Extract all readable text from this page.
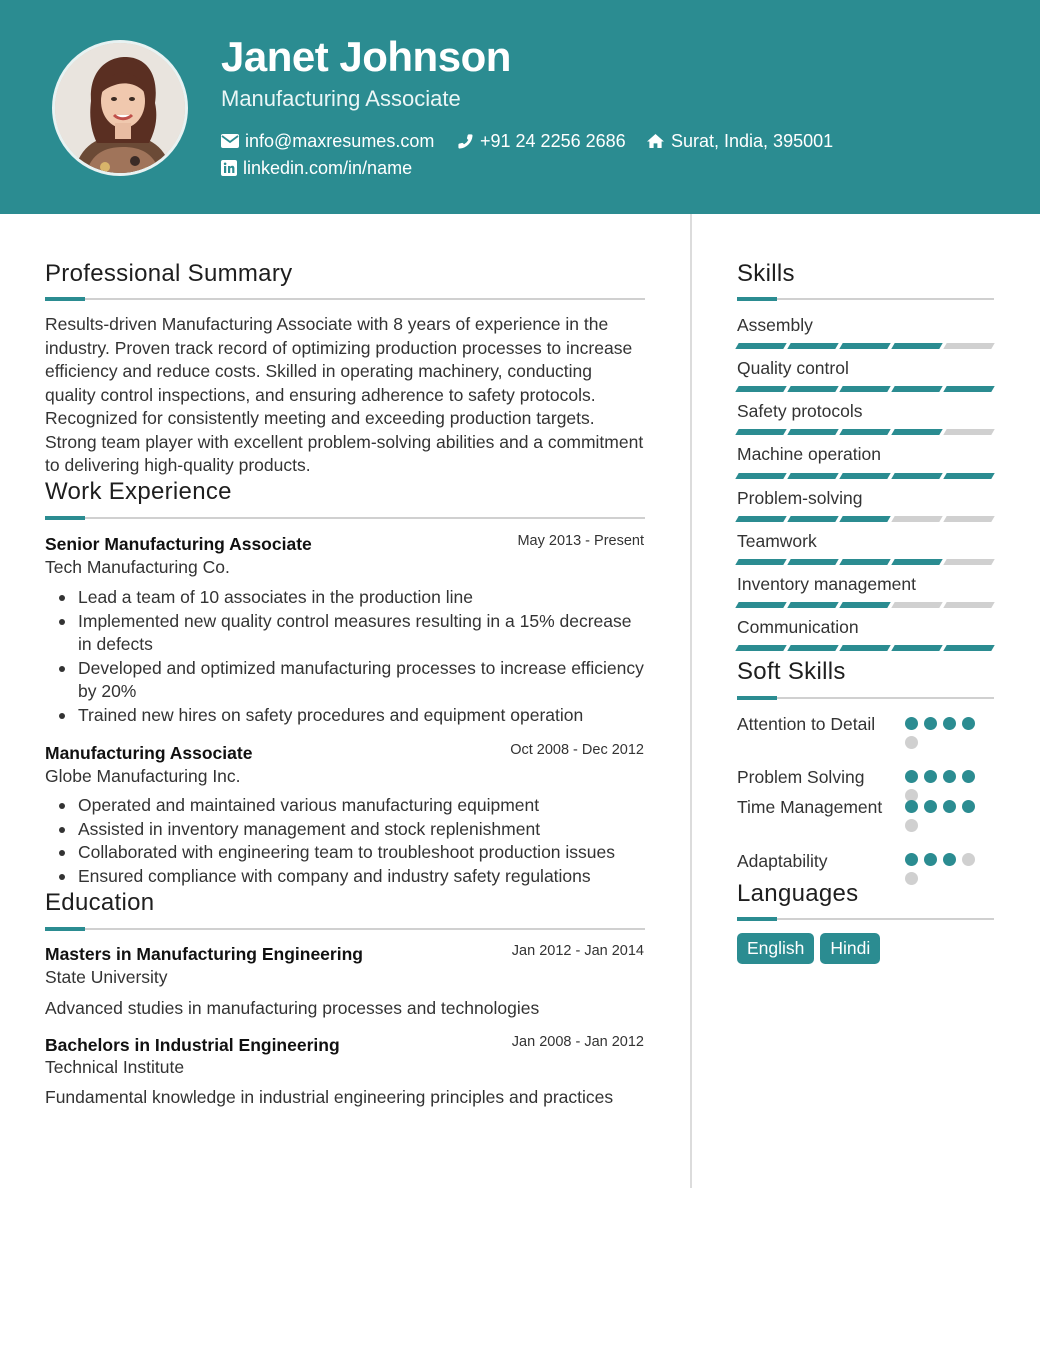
Janet Johnson
Manufacturing Associate
info@maxresumes.com	+91 24 2256 2686	Surat, India, 395001
linkedin.com/in/name
Professional Summary
Results-driven Manufacturing Associate with 8 years of experience in the industry. Proven track record of optimizing production processes to increase efficiency and reduce costs. Skilled in operating machinery, conducting quality control inspections, and ensuring adherence to safety protocols. Recognized for consistently meeting and exceeding production targets. Strong team player with excellent problem-solving abilities and a commitment to delivering high-quality products.
Work Experience
Senior Manufacturing Associate	May 2013 - Present
Tech Manufacturing Co.
Lead a team of 10 associates in the production line
Implemented new quality control measures resulting in a 15% decrease in defects
Developed and optimized manufacturing processes to increase efficiency by 20%
Trained new hires on safety procedures and equipment operation
Manufacturing Associate	Oct 2008 - Dec 2012
Globe Manufacturing Inc.
Operated and maintained various manufacturing equipment
Assisted in inventory management and stock replenishment
Collaborated with engineering team to troubleshoot production issues
Ensured compliance with company and industry safety regulations
Education
Masters in Manufacturing Engineering	Jan 2012 - Jan 2014
State University
Advanced studies in manufacturing processes and technologies
Bachelors in Industrial Engineering	Jan 2008 - Jan 2012
Technical Institute
Fundamental knowledge in industrial engineering principles and practices
Skills
Assembly
Quality control
Safety protocols
Machine operation
Problem-solving
Teamwork
Inventory management
Communication
Soft Skills
Attention to Detail
Problem Solving
Time Management
Adaptability
Languages
English	Hindi
